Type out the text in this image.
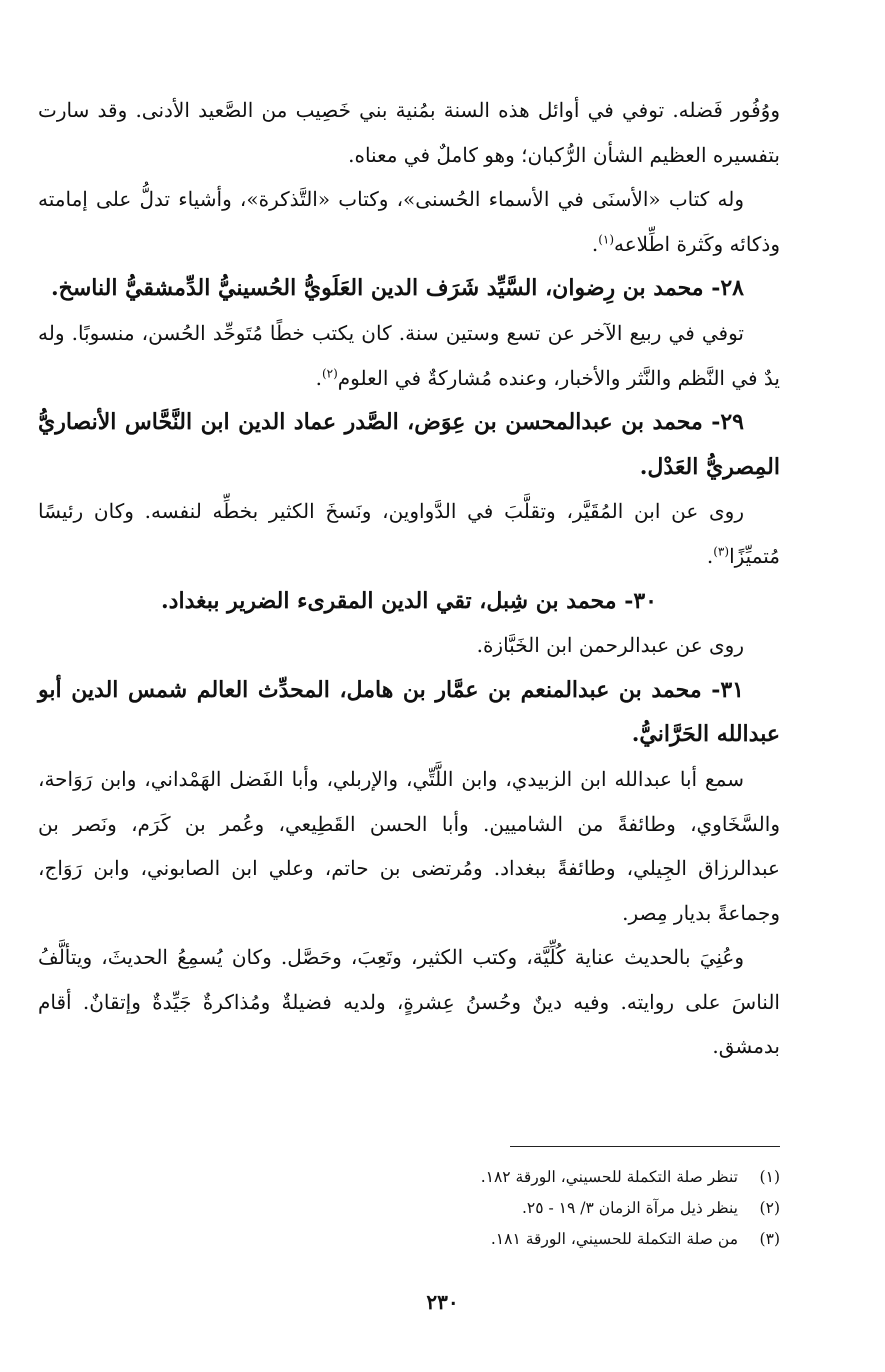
ووُفُور فَضله. توفي في أوائل هذه السنة بمُنية بني خَصِيب من الصَّعيد الأدنى. وقد سارت بتفسيره العظيم الشأن الرُّكبان؛ وهو كاملٌ في معناه.

وله كتاب «الأسنَى في الأسماء الحُسنى»، وكتاب «التَّذكرة»، وأشياء تدلُّ على إمامته وذكائه وكَثرة اطِّلاعه$^{(١)}$.

٢٨- محمد بن رِضوان، السَّيِّد شَرَف الدين العَلَويُّ الحُسينيُّ الدِّمشقيُّ الناسخ.

توفي في ربيع الآخر عن تسع وستين سنة. كان يكتب خطًا مُتَوحِّد الحُسن، منسوبًا. وله يدٌ في النَّظم والنَّثر والأخبار، وعنده مُشاركةٌ في العلوم$^{(٢)}$.

٢٩- محمد بن عبدالمحسن بن عِوَض، الصَّدر عماد الدين ابن النَّحَّاس الأنصاريُّ المِصريُّ العَدْل.

روى عن ابن المُقَيَّر، وتقلَّبَ في الدَّواوين، ونَسخَ الكثير بخطِّه لنفسه. وكان رئيسًا مُتميِّزًا$^{(٣)}$.

٣٠- محمد بن شِبل، تقي الدين المقرىء الضرير ببغداد.

روى عن عبدالرحمن ابن الخَبَّازة.

٣١- محمد بن عبدالمنعم بن عمَّار بن هامل، المحدِّث العالم شمس الدين أبو عبدالله الحَرَّانيُّ.

سمع أبا عبدالله ابن الزبيدي، وابن اللَّتِّي، والإربلي، وأبا الفَضل الهَمْداني، وابن رَوَاحة، والسَّخَاوي، وطائفةً من الشاميين. وأبا الحسن القَطِيعي، وعُمر بن كَرَم، ونَصر بن عبدالرزاق الجِيلي، وطائفةً ببغداد. ومُرتضى بن حاتم، وعلي ابن الصابوني، وابن رَوَاج، وجماعةً بديار مِصر.

وعُنِيَ بالحديث عناية كُلِّيَّة، وكتب الكثير، وتَعِبَ، وحَصَّل. وكان يُسمِعُ الحديثَ، ويتألَّفُ الناسَ على روايته. وفيه دينٌ وحُسنُ عِشرةٍ، ولديه فضيلةٌ ومُذاكرةٌ جَيِّدةٌ وإتقانٌ. أقام بدمشق.

(١)
تنظر صلة التكملة للحسيني، الورقة ١٨٢.
(٢)
ينظر ذيل مرآة الزمان ٣/ ١٩ - ٢٥.
(٣)
من صلة التكملة للحسيني، الورقة ١٨١.
٢٣٠
